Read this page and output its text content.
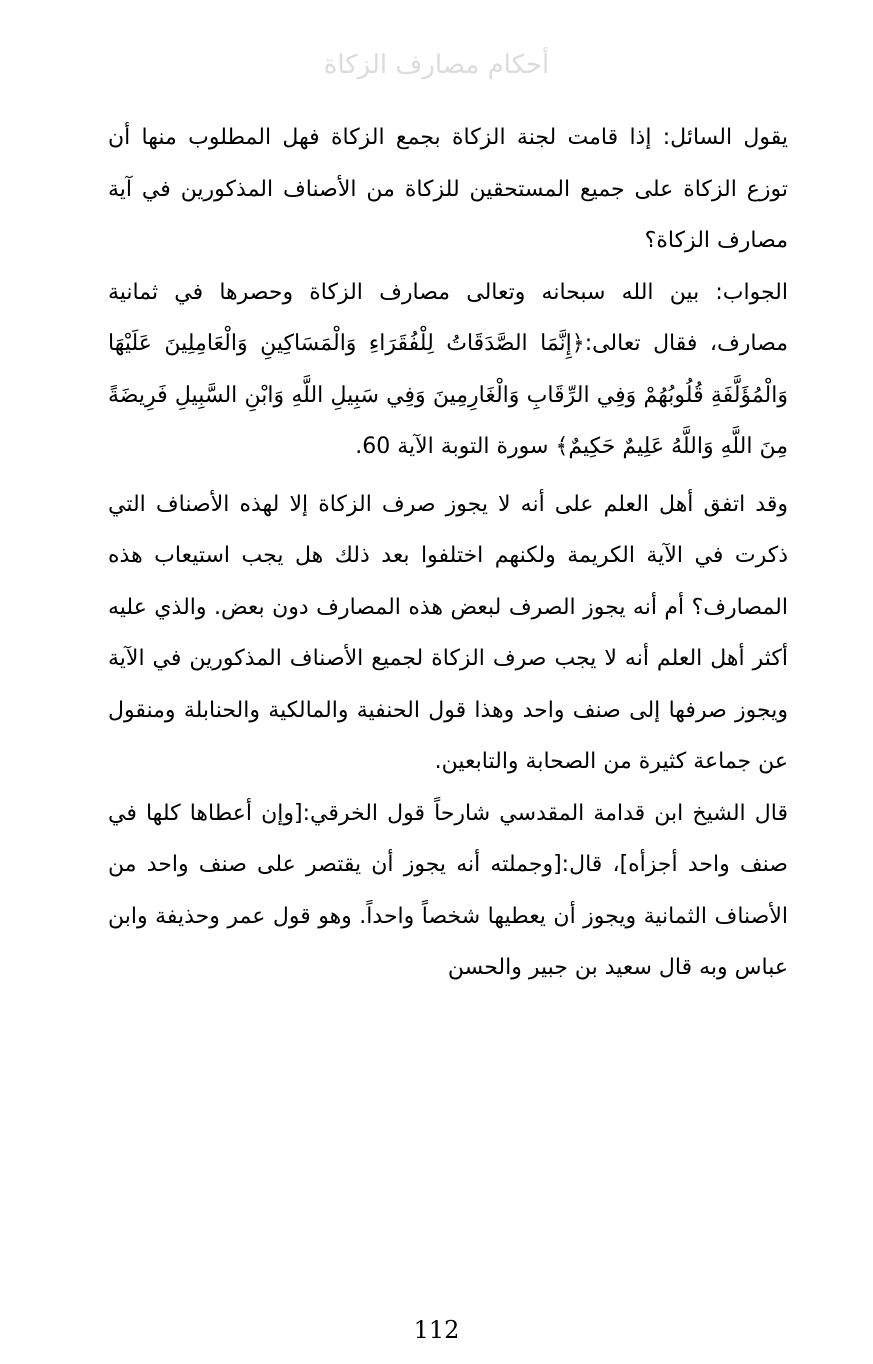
أحكام مصارف الزكاة

يقول السائل: إذا قامت لجنة الزكاة بجمع الزكاة فهل المطلوب منها أن توزع الزكاة على جميع المستحقين للزكاة من الأصناف المذكورين في آية مصارف الزكاة؟

الجواب: بين الله سبحانه وتعالى مصارف الزكاة وحصرها في ثمانية مصارف، فقال تعالى:﴿إِنَّمَا الصَّدَقَاتُ لِلْفُقَرَاءِ وَالْمَسَاكِينِ وَالْعَامِلِينَ عَلَيْهَا وَالْمُؤَلَّفَةِ قُلُوبُهُمْ وَفِي الرِّقَابِ وَالْغَارِمِينَ وَفِي سَبِيلِ اللَّهِ وَابْنِ السَّبِيلِ فَرِيضَةً مِنَ اللَّهِ وَاللَّهُ عَلِيمٌ حَكِيمٌ﴾ سورة التوبة الآية 60.

وقد اتفق أهل العلم على أنه لا يجوز صرف الزكاة إلا لهذه الأصناف التي ذكرت في الآية الكريمة ولكنهم اختلفوا بعد ذلك هل يجب استيعاب هذه المصارف؟ أم أنه يجوز الصرف لبعض هذه المصارف دون بعض. والذي عليه أكثر أهل العلم أنه لا يجب صرف الزكاة لجميع الأصناف المذكورين في الآية ويجوز صرفها إلى صنف واحد وهذا قول الحنفية والمالكية والحنابلة ومنقول عن جماعة كثيرة من الصحابة والتابعين.

قال الشيخ ابن قدامة المقدسي شارحاً قول الخرقي:[وإن أعطاها كلها في صنف واحد أجزأه]، قال:[وجملته أنه يجوز أن يقتصر على صنف واحد من الأصناف الثمانية ويجوز أن يعطيها شخصاً واحداً. وهو قول عمر وحذيفة وابن عباس وبه قال سعيد بن جبير والحسن

112
